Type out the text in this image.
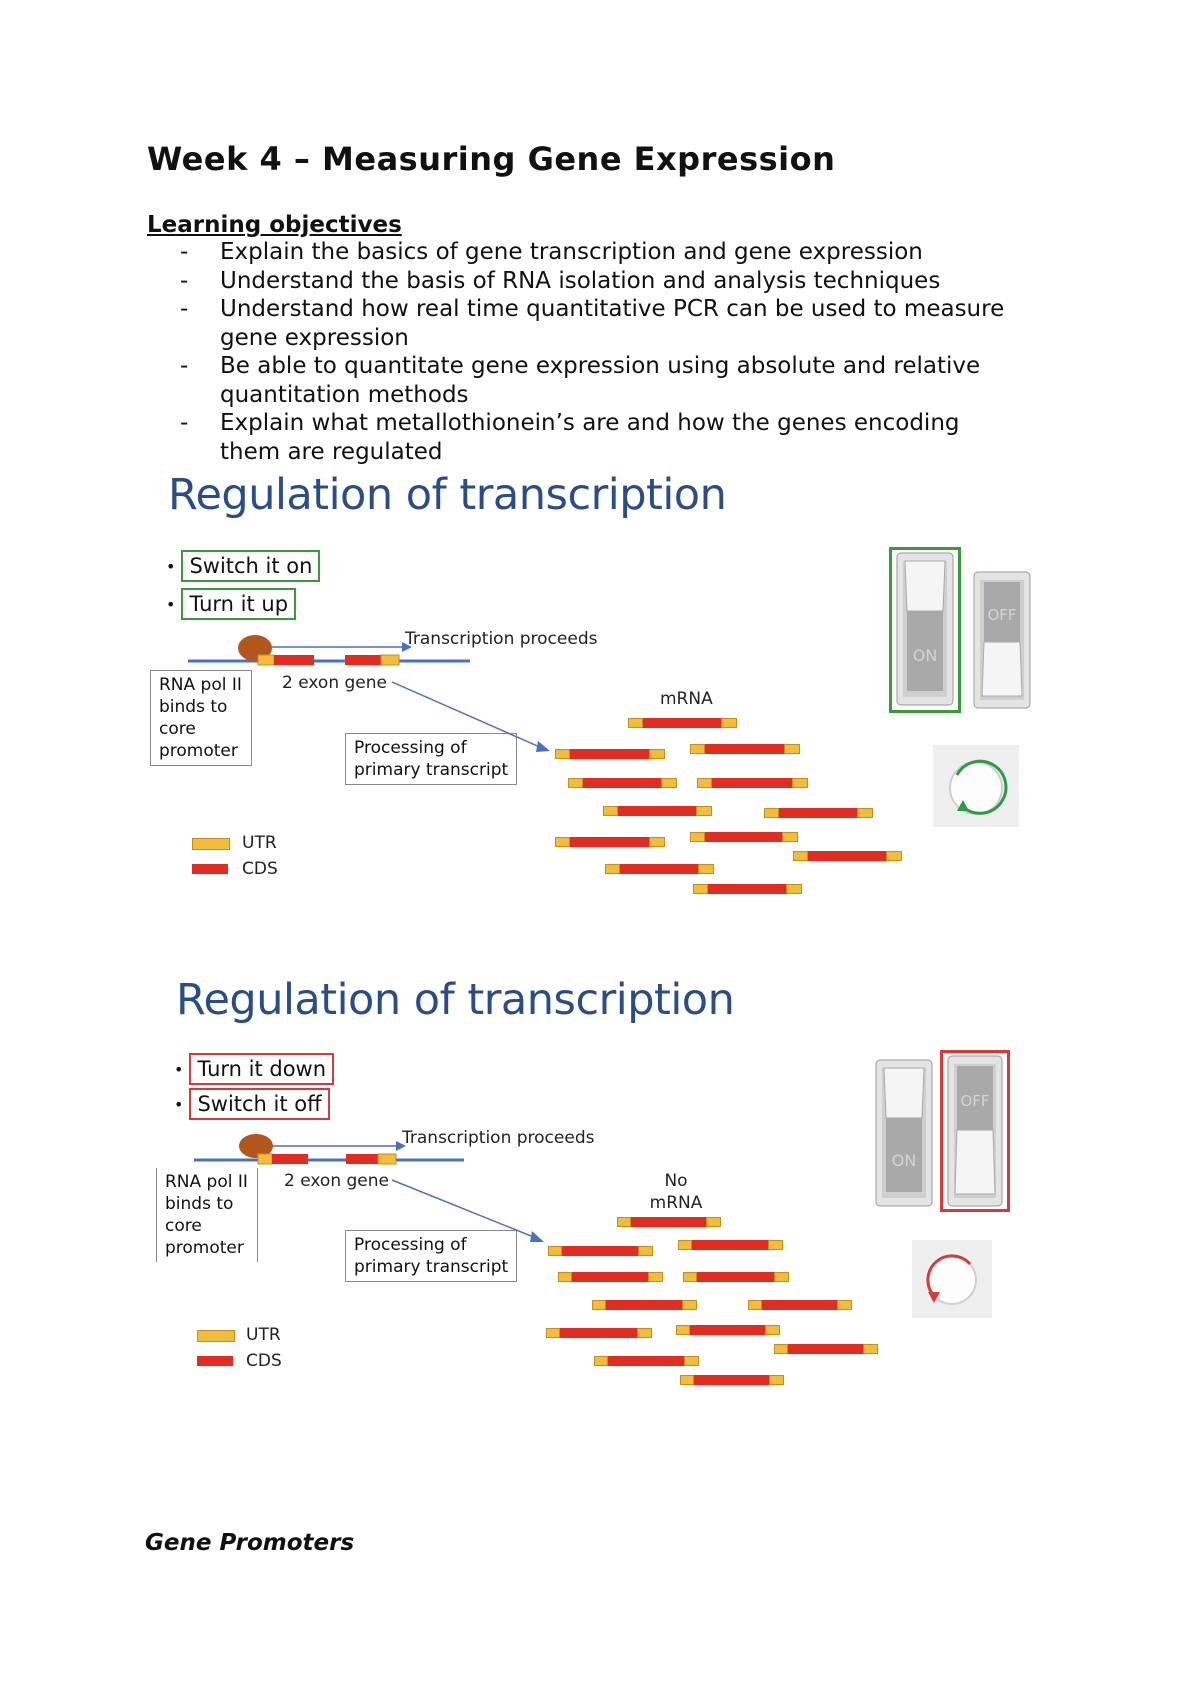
Week 4 – Measuring Gene Expression
Learning objectives
- Explain the basics of gene transcription and gene expression
- Understand the basis of RNA isolation and analysis techniques
- Understand how real time quantitative PCR can be used to measure
gene expression
- Be able to quantitate gene expression using absolute and relative
quantitation methods
- Explain what metallothionein’s are and how the genes encoding
them are regulated
Regulation of transcription
• Switch it on
• Turn it up
Transcription proceeds
2 exon gene
RNA pol II
binds to
core
promoter	Processing of
primary transcript
mRNA
UTR
CDS
ON
OFF
Regulation of transcription
• Turn it down
• Switch it off
Transcription proceeds
2 exon gene
RNA pol II
binds to
core
promoter	Processing of
primary transcript
No
mRNA
UTR
CDS
ON
OFF
Gene Promoters
